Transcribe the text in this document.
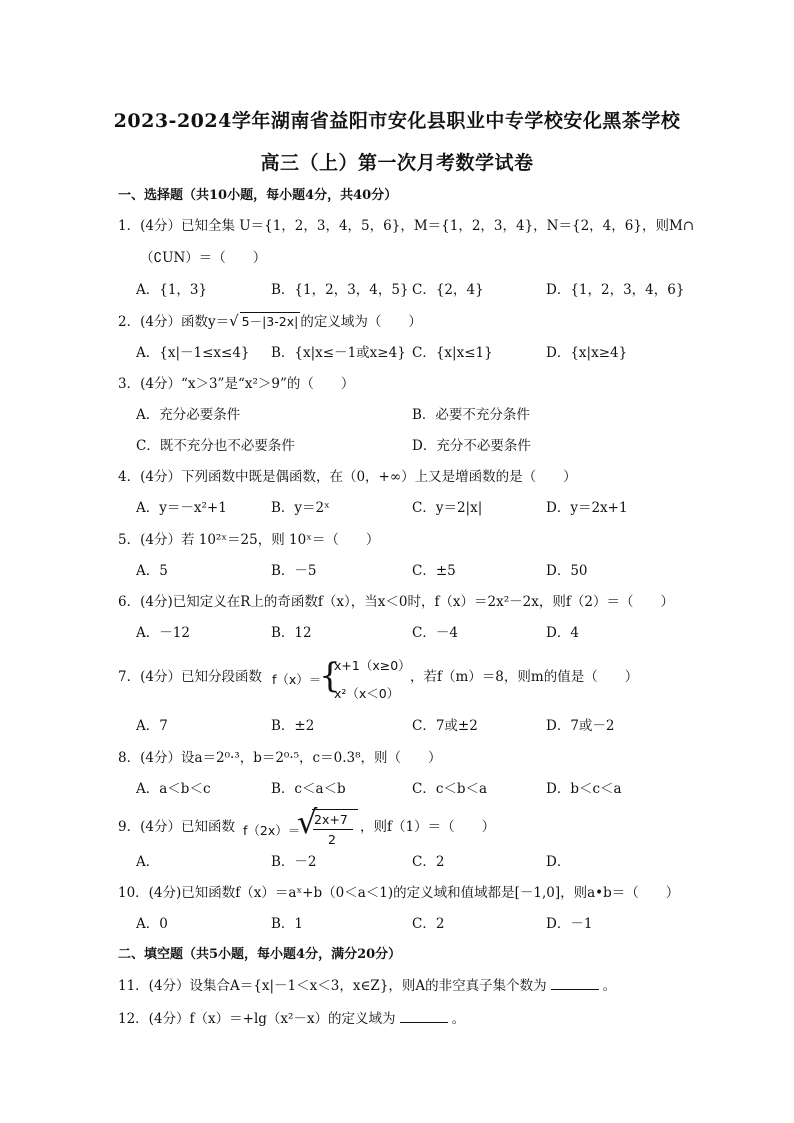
2023-2024学年湖南省益阳市安化县职业中专学校安化黑茶学校
高三（上）第一次月考数学试卷
一、选择题（共10小题，每小题4分，共40分）
1．(4分）已知全集 U＝{1，2，3，4，5，6}，M＝{1，2，3，4}，N＝{2，4，6}，则M∩
（∁UN）＝（　　）
A．{1，3}	B．{1，2，3，4，5} C．{2，4}	D．{1，2，3，4，6}
2．(4分）函数y＝√ 5－|3-2x| 的定义域为（　　）
A．{x|－1≤x≤4} B．{x|x≤－1或x≥4} C．{x|x≤1}	D．{x|x≥4}
3．(4分）“x＞3”是“x²＞9”的（　　）
A．充分必要条件	B．必要不充分条件
C．既不充分也不必要条件	D．充分不必要条件
4．(4分）下列函数中既是偶函数，在（0，+∞）上又是增函数的是（　　）
A．y＝－x²+1	B．y＝2ˣ	C．y＝2|x|	D．y＝2x+1
5．(4分）若 10²ˣ＝25，则 10ˣ＝（　　）
A．5	B．－5	C．±5	D．50
6．(4分)已知定义在R上的奇函数f（x），当x＜0时，f（x）＝2x²－2x，则f（2）＝（　　）
A．－12	B．12	C．－4	D．4
7．(4分）已知分段函数 f（x）＝
{
x+1（x≥0）
x²（x＜0）
，若f（m）＝8，则m的值是（　　）
A．7	B．±2	C．7或±2	D．7或－2
8．(4分）设a＝2⁰·³，b＝2⁰·⁵，c＝0.3⁸，则（　　）
A．a＜b＜c	B．c＜a＜b	C．c＜b＜a	D．b＜c＜a
9．(4分）已知函数 f（2x）＝
√
2x+7
2
，则f（1）＝（　　）
A．	B．－2	C．2	D．
10．(4分)已知函数f（x）＝aˣ+b（0＜a＜1)的定义域和值域都是[－1,0]，则a•b＝（　　）
A．0	B．1	C．2	D．－1
二、填空题（共5小题，每小题4分，满分20分）
11．(4分）设集合A＝{x|－1＜x＜3，x∈Z}，则A的非空真子集个数为	。
12．(4分）f（x）＝+lg（x²－x）的定义域为	。
